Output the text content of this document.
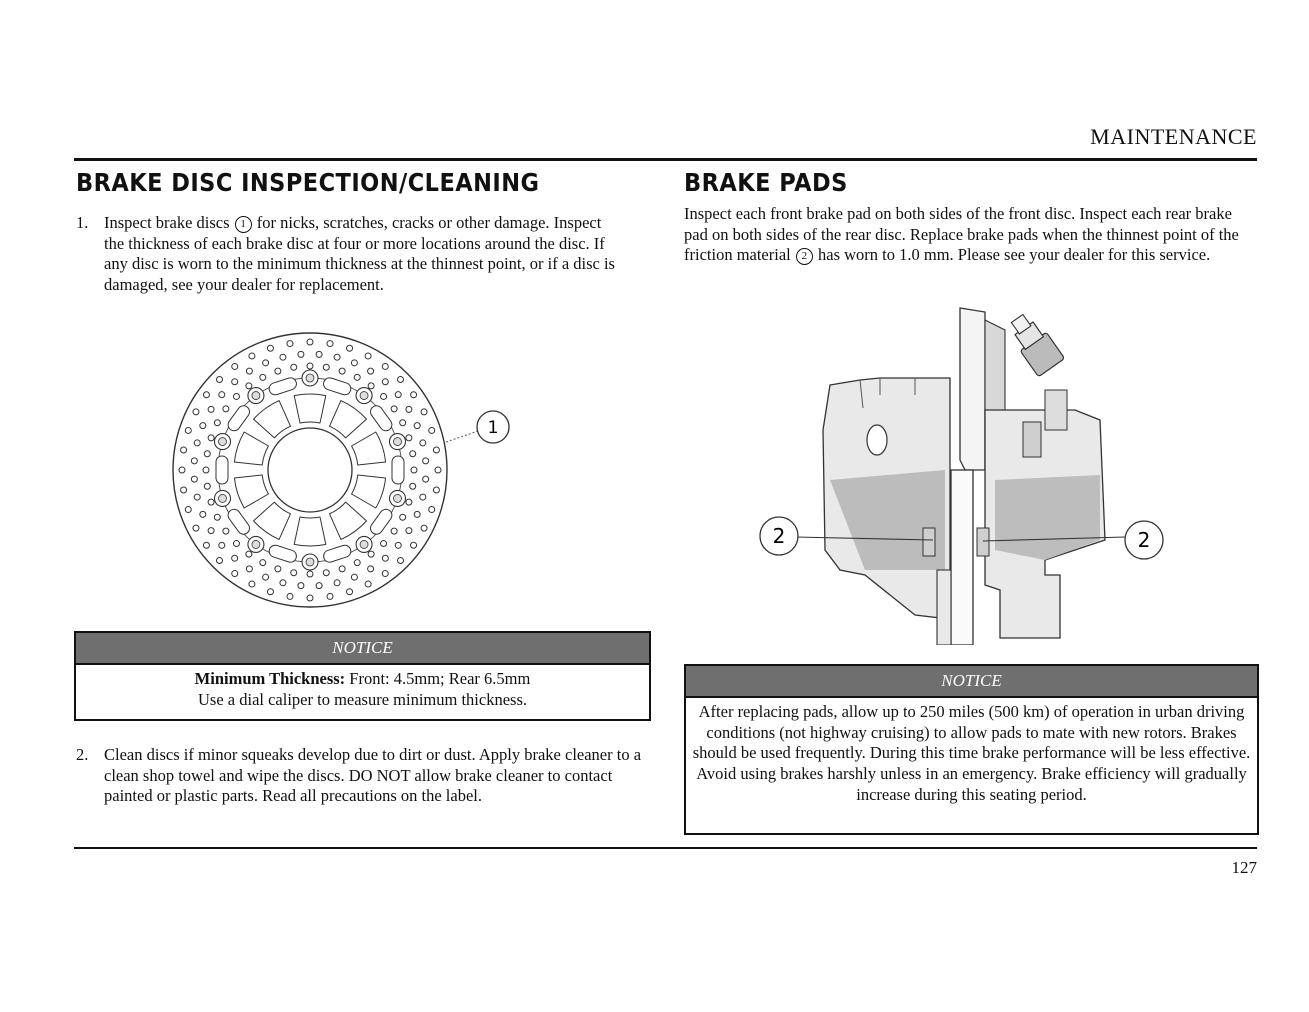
MAINTENANCE
BRAKE DISC INSPECTION/CLEANING
1. Inspect brake discs 1 for nicks, scratches, cracks or other damage. Inspect the thickness of each brake disc at four or more locations around the disc. If any disc is worn to the minimum thickness at the thinnest point, or if a disc is damaged, see your dealer for replacement.
1
NOTICE
Minimum Thickness: Front: 4.5mm; Rear 6.5mm
Use a dial caliper to measure minimum thickness.
2. Clean discs if minor squeaks develop due to dirt or dust. Apply brake cleaner to a clean shop towel and wipe the discs. DO NOT allow brake cleaner to contact painted or plastic parts. Read all precautions on the label.
BRAKE PADS
Inspect each front brake pad on both sides of the front disc. Inspect each rear brake pad on both sides of the rear disc. Replace brake pads when the thinnest point of the friction material 2 has worn to 1.0 mm. Please see your dealer for this service.
2	2
NOTICE
After replacing pads, allow up to 250 miles (500 km) of operation in urban driving conditions (not highway cruising) to allow pads to mate with new rotors. Brakes should be used frequently. During this time brake performance will be less effective. Avoid using brakes harshly unless in an emergency. Brake efficiency will gradually increase during this seating period.
127
